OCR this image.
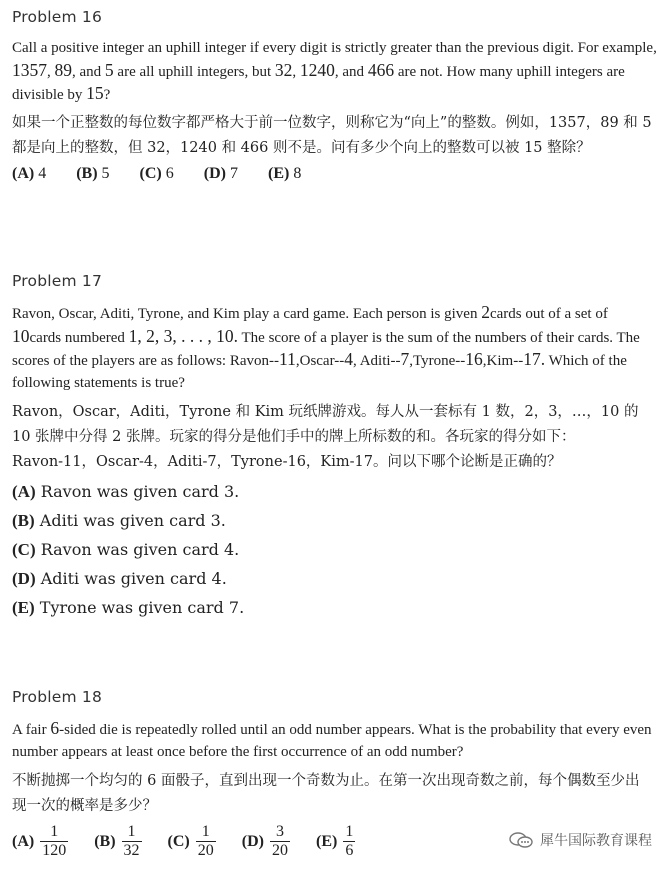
Problem 16
Call a positive integer an uphill integer if every digit is strictly greater than the previous digit. For example, 1357, 89, and 5 are all uphill integers, but 32, 1240, and 466 are not. How many uphill integers are divisible by 15?
如果一个正整数的每位数字都严格大于前一位数字，则称它为“向上”的整数。例如，1357，89 和 5 都是向上的整数，但 32，1240 和 466 则不是。问有多少个向上的整数可以被 15 整除？
(A) 4 (B) 5 (C) 6 (D) 7 (E) 8
Problem 17
Ravon, Oscar, Aditi, Tyrone, and Kim play a card game. Each person is given 2cards out of a set of 10cards numbered 1, 2, 3, . . . , 10. The score of a player is the sum of the numbers of their cards. The scores of the players are as follows: Ravon--11,Oscar--4, Aditi--7,Tyrone--16,Kim--17. Which of the following statements is true?
Ravon，Oscar，Aditi，Tyrone 和 Kim 玩纸牌游戏。每人从一套标有 1 数，2，3，…，10 的 10 张牌中分得 2 张牌。玩家的得分是他们手中的牌上所标数的和。各玩家的得分如下：
Ravon-11，Oscar-4，Aditi-7，Tyrone-16，Kim-17。问以下哪个论断是正确的？
(A) Ravon was given card 3.
(B) Aditi was given card 3.
(C) Ravon was given card 4.
(D) Aditi was given card 4.
(E) Tyrone was given card 7.
Problem 18
A fair 6-sided die is repeatedly rolled until an odd number appears. What is the probability that every even number appears at least once before the first occurrence of an odd number?
不断抛掷一个均匀的 6 面骰子，直到出现一个奇数为止。在第一次出现奇数之前，每个偶数至少出现一次的概率是多少？
$(A) \frac{1}{120}$
$(B) \frac{1}{32}$
$(C) \frac{1}{20}$
$(D) \frac{3}{20}$
$(E) \frac{1}{6}$	犀牛国际教育课程
